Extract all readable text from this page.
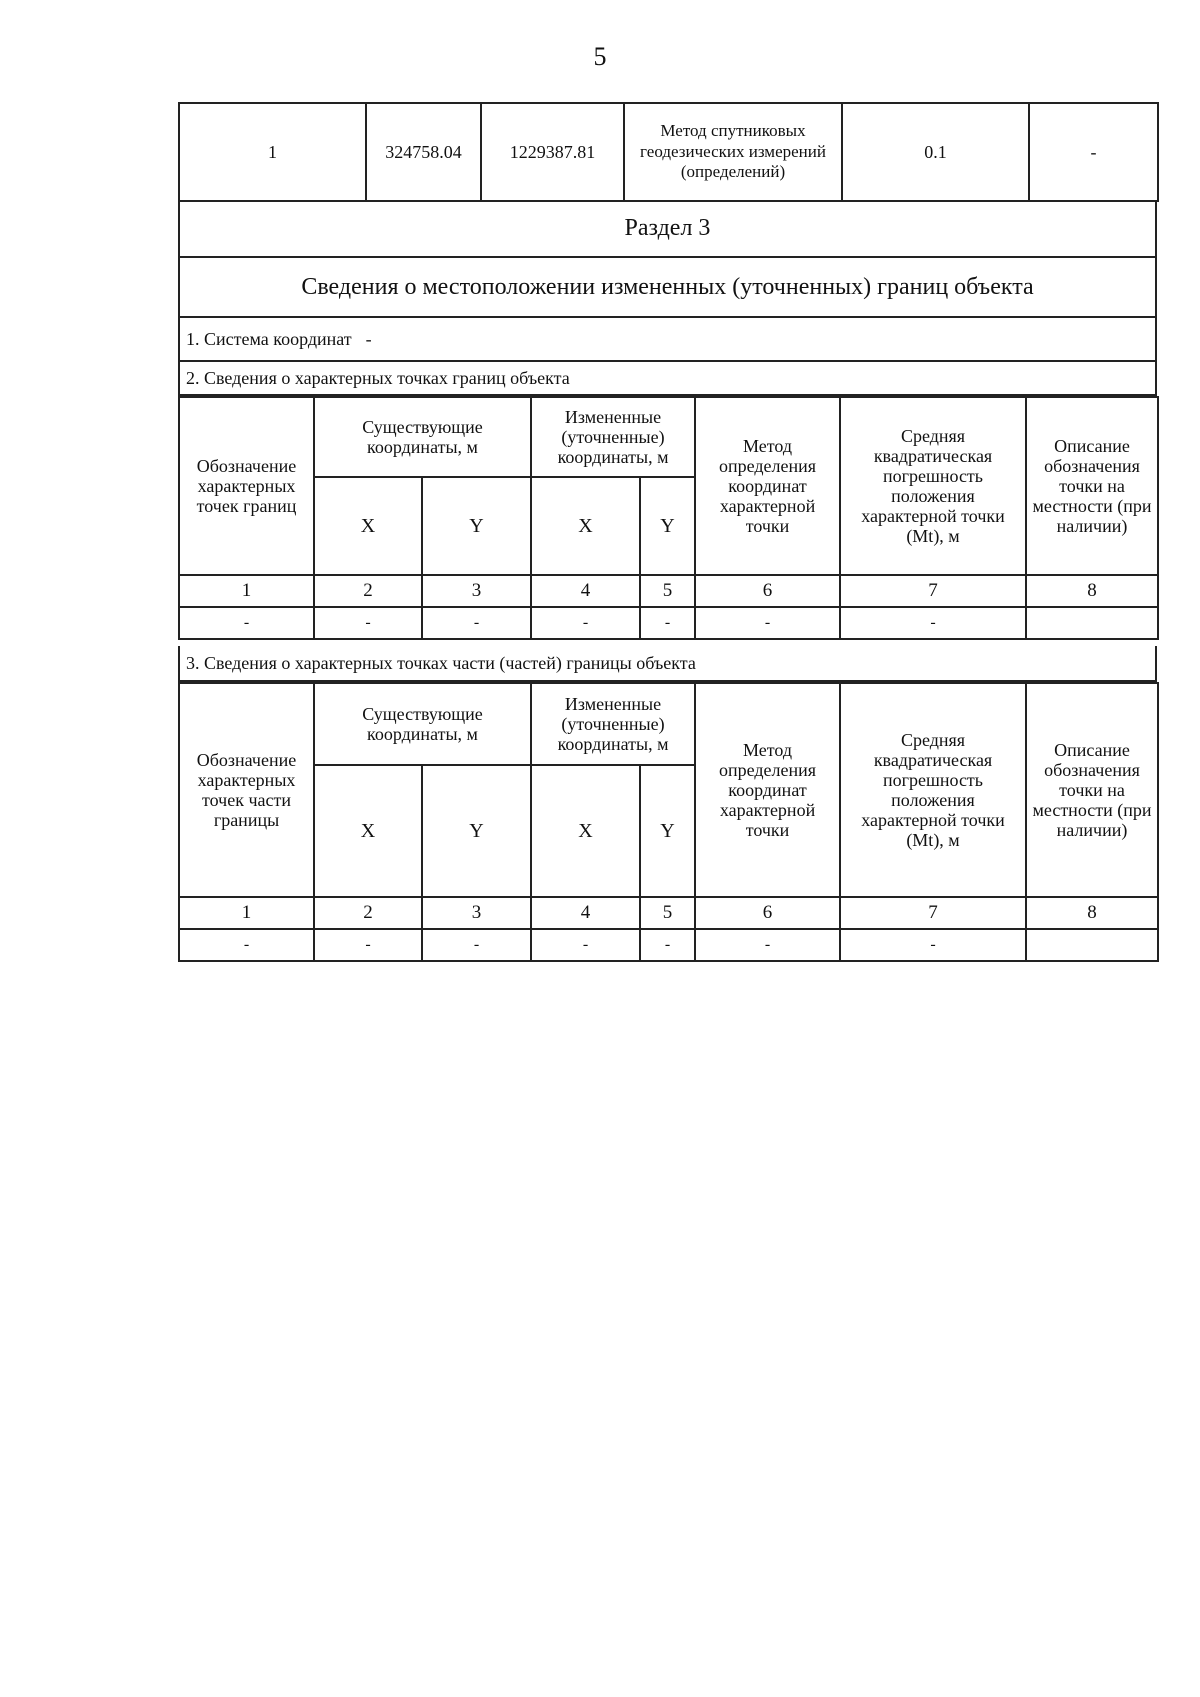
5
1	324758.04	1229387.81	Метод спутниковых геодезических измерений (определений)	0.1	-
Раздел 3
Сведения о местоположении измененных (уточненных) границ объекта
1. Система координат -
2. Сведения о характерных точках границ объекта
Обозначение характерных точек границ	Существующие координаты, м		Измененные (уточненные) координаты, м		Метод определения координат характерной точки	Средняя квадратическая погрешность положения характерной точки (Mt), м	Описание обозначения точки на местности (при наличии)
	X	Y	X	Y			
1	2	3	4	5	6	7	8
-	-	-	-	-	-	-	
3. Сведения о характерных точках части (частей) границы объекта
Обозначение характерных точек части границы	Существующие координаты, м		Измененные (уточненные) координаты, м		Метод определения координат характерной точки	Средняя квадратическая погрешность положения характерной точки (Mt), м	Описание обозначения точки на местности (при наличии)
	X	Y	X	Y			
1	2	3	4	5	6	7	8
-	-	-	-	-	-	-	
